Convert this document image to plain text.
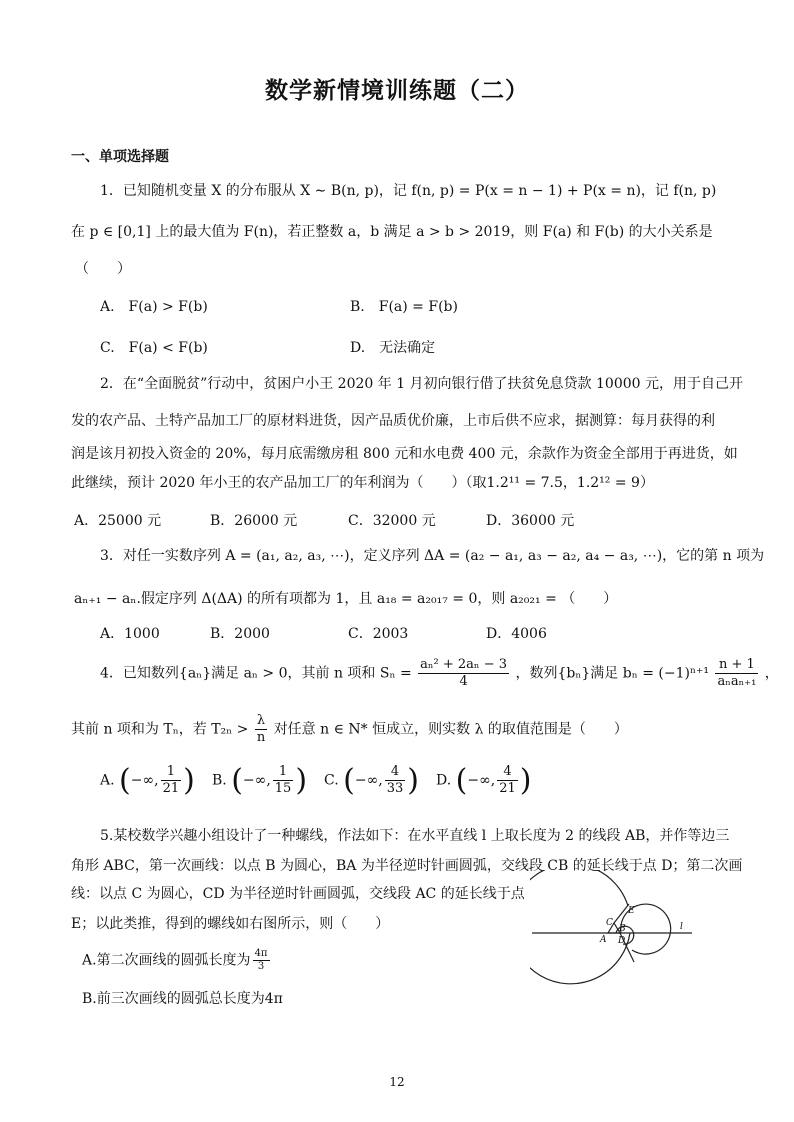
数学新情境训练题（二）
一、单项选择题
1．已知随机变量 X 的分布服从 X ∼ B(n, p)，记 f(n, p) = P(x = n − 1) + P(x = n)，记 f(n, p)
在 p ∈ [0,1] 上的最大值为 F(n)，若正整数 a，b 满足 a > b > 2019，则 F(a) 和 F(b) 的大小关系是
（　　）
A.　F(a) > F(b)	B.　F(a) = F(b)
C.　F(a) < F(b)	D.　无法确定
2．在“全面脱贫”行动中，贫困户小王 2020 年 1 月初向银行借了扶贫免息贷款 10000 元，用于自己开
发的农产品、土特产品加工厂的原材料进货，因产品质优价廉，上市后供不应求，据测算：每月获得的利
润是该月初投入资金的 20%，每月底需缴房租 800 元和水电费 400 元，余款作为资金全部用于再进货，如
此继续，预计 2020 年小王的农产品加工厂的年利润为（　　）（取1.2¹¹ = 7.5，1.2¹² = 9）
A．25000 元	B．26000 元	C．32000 元	D．36000 元
3．对任一实数序列 A = (a₁, a₂, a₃, ⋯)，定义序列 ΔA = (a₂ − a₁, a₃ − a₂, a₄ − a₃, ⋯)，它的第 n 项为
aₙ₊₁ − aₙ.假定序列 Δ(ΔA) 的所有项都为 1，且 a₁₈ = a₂₀₁₇ = 0，则 a₂₀₂₁ = （　　）
A．1000	B．2000	C．2003	D．4006
4．已知数列{aₙ}满足 aₙ > 0，其前 n 项和 $S_n = \frac{\text{aₙ² + 2aₙ − 3}}{4}$ ，数列{bₙ}满足 $b_n = (-1)^{n+1} \frac{n + 1}{\text{aₙaₙ₊₁}}$ ，
其前 n 项和为 Tₙ，若 $T_{2n} > \frac{\lambda}{n}$ 对任意 n ∈ N* 恒成立，则实数 λ 的取值范围是（　　）
A. (−∞, $\frac{1}{21}$ ) B. (−∞, $\frac{1}{15}$ ) C. (−∞, $\frac{4}{33}$ ) D. (−∞, $\frac{4}{21}$ )
5.某校数学兴趣小组设计了一种螺线，作法如下：在水平直线 l 上取长度为 2 的线段 AB，并作等边三
角形 ABC，第一次画线：以点 B 为圆心，BA 为半径逆时针画圆弧，交线段 CB 的延长线于点 D；第二次画
线：以点 C 为圆心，CD 为半径逆时针画圆弧，交线段 AC 的延长线于点
E；以此类推，得到的螺线如右图所示，则（　　）
A.第二次画线的圆弧长度为 $\frac{4\pi}{3}$
B.前三次画线的圆弧总长度为4π
E
C
B
A D
l
12
